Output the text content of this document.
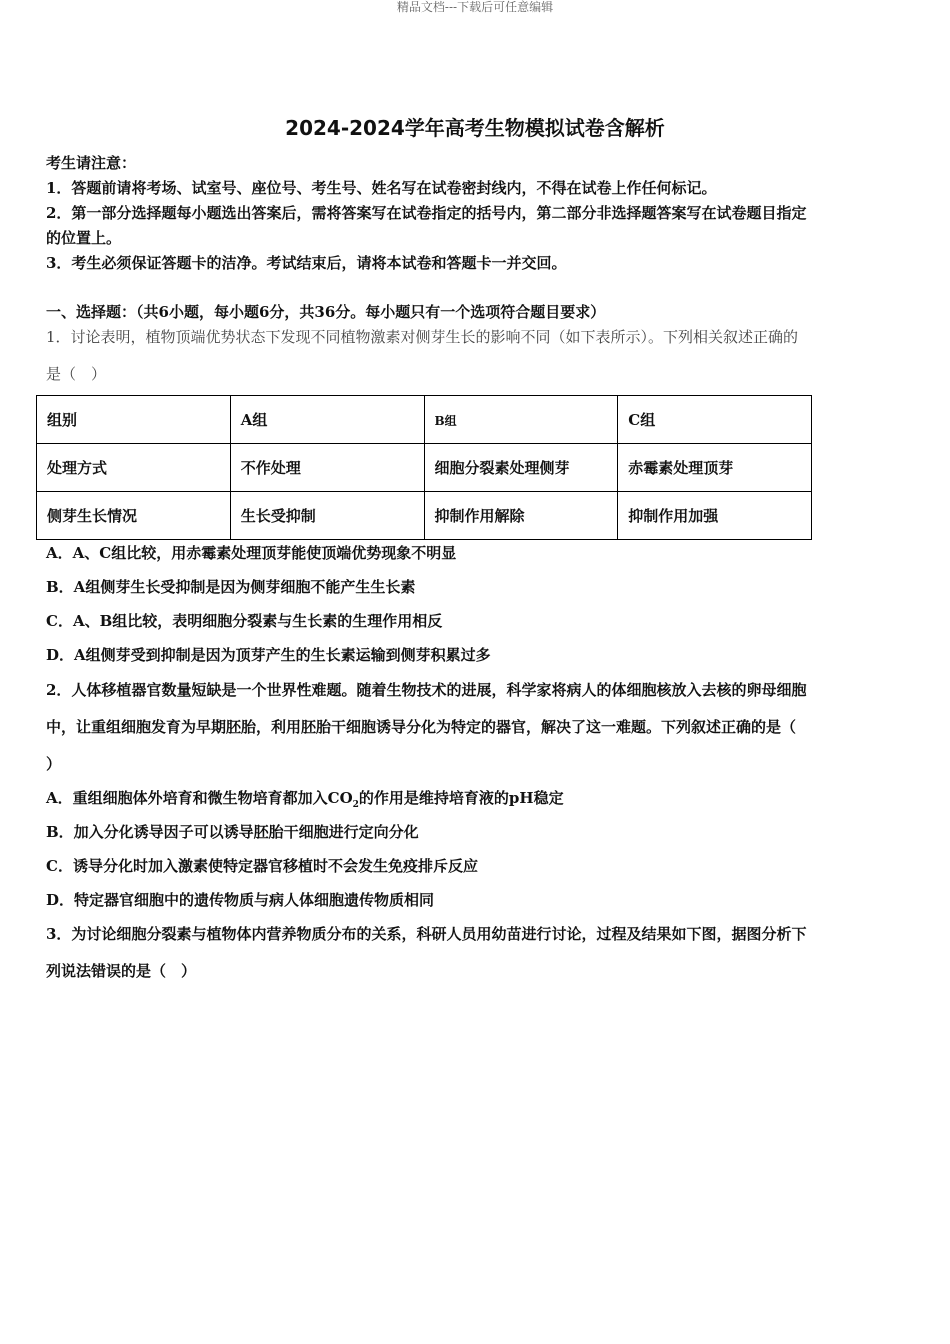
精品文档---下载后可任意编辑
2024-2024学年高考生物模拟试卷含解析
考生请注意：
1．答题前请将考场、试室号、座位号、考生号、姓名写在试卷密封线内，不得在试卷上作任何标记。
2．第一部分选择题每小题选出答案后，需将答案写在试卷指定的括号内，第二部分非选择题答案写在试卷题目指定
的位置上。
3．考生必须保证答题卡的洁净。考试结束后，请将本试卷和答题卡一并交回。
一、选择题：（共6小题，每小题6分，共36分。每小题只有一个选项符合题目要求）
1．讨论表明，植物顶端优势状态下发现不同植物激素对侧芽生长的影响不同（如下表所示）。下列相关叙述正确的
是（　）
组别	A组	B组	C组
处理方式	不作处理	细胞分裂素处理侧芽	赤霉素处理顶芽
侧芽生长情况	生长受抑制	抑制作用解除	抑制作用加强
A．A、C组比较，用赤霉素处理顶芽能使顶端优势现象不明显
B．A组侧芽生长受抑制是因为侧芽细胞不能产生生长素
C．A、B组比较，表明细胞分裂素与生长素的生理作用相反
D．A组侧芽受到抑制是因为顶芽产生的生长素运输到侧芽积累过多
2．人体移植器官数量短缺是一个世界性难题。随着生物技术的进展，科学家将病人的体细胞核放入去核的卵母细胞
中，让重组细胞发育为早期胚胎，利用胚胎干细胞诱导分化为特定的器官，解决了这一难题。下列叙述正确的是（
）
A．重组细胞体外培育和微生物培育都加入$CO_2$的作用是维持培育液的pH稳定
B．加入分化诱导因子可以诱导胚胎干细胞进行定向分化
C．诱导分化时加入激素使特定器官移植时不会发生免疫排斥反应
D．特定器官细胞中的遗传物质与病人体细胞遗传物质相同
3．为讨论细胞分裂素与植物体内营养物质分布的关系，科研人员用幼苗进行讨论，过程及结果如下图，据图分析下
列说法错误的是（　）
